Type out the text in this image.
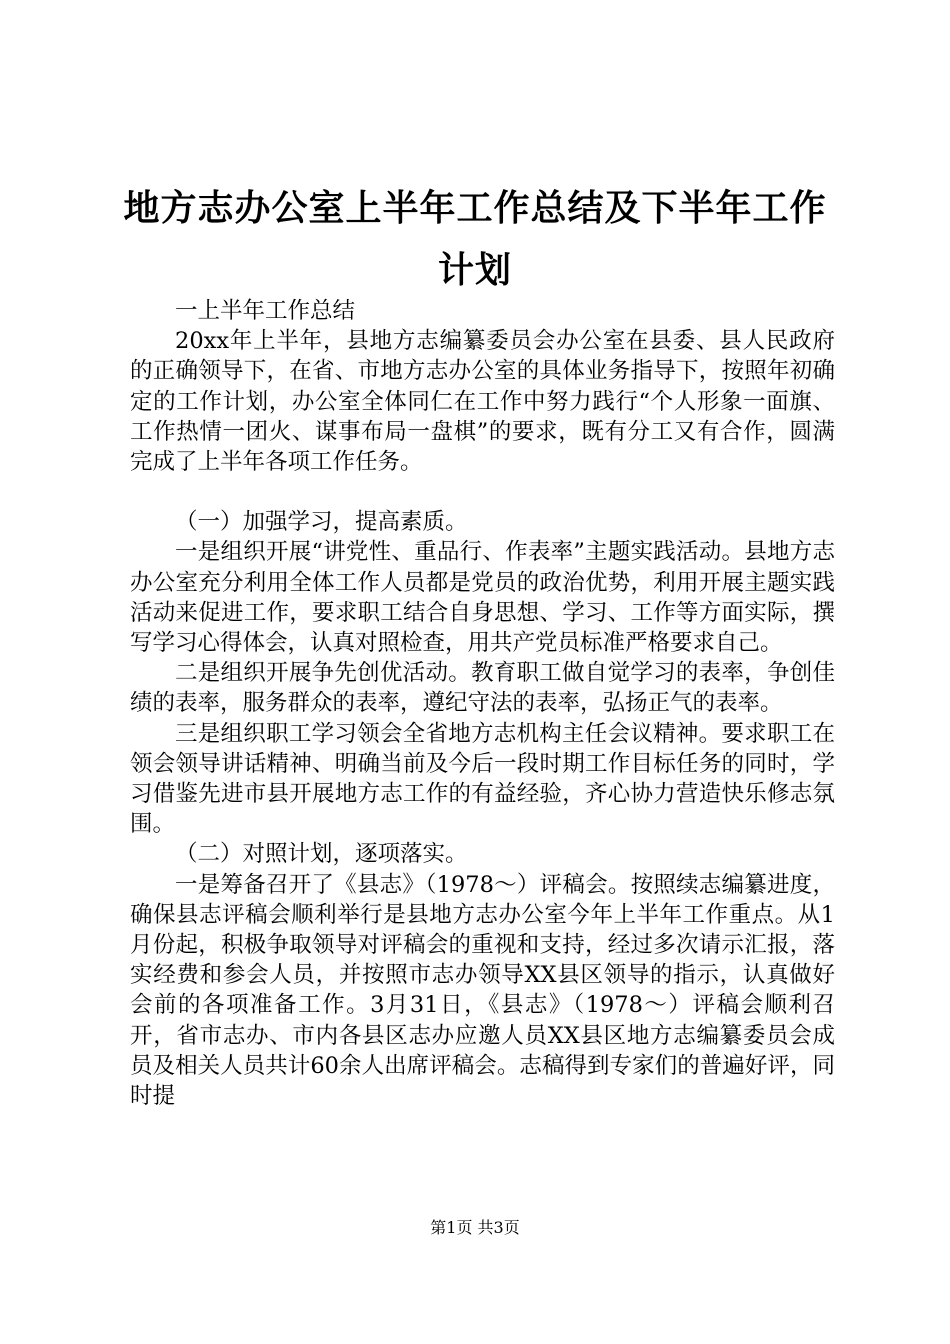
地方志办公室上半年工作总结及下半年工作计划

一上半年工作总结

20xx年上半年，县地方志编纂委员会办公室在县委、县人民政府的正确领导下，在省、市地方志办公室的具体业务指导下，按照年初确定的工作计划，办公室全体同仁在工作中努力践行“个人形象一面旗、工作热情一团火、谋事布局一盘棋”的要求，既有分工又有合作，圆满完成了上半年各项工作任务。

（一）加强学习，提高素质。

一是组织开展“讲党性、重品行、作表率”主题实践活动。县地方志办公室充分利用全体工作人员都是党员的政治优势，利用开展主题实践活动来促进工作，要求职工结合自身思想、学习、工作等方面实际，撰写学习心得体会，认真对照检查，用共产党员标准严格要求自己。

二是组织开展争先创优活动。教育职工做自觉学习的表率，争创佳绩的表率，服务群众的表率，遵纪守法的表率，弘扬正气的表率。

三是组织职工学习领会全省地方志机构主任会议精神。要求职工在领会领导讲话精神、明确当前及今后一段时期工作目标任务的同时，学习借鉴先进市县开展地方志工作的有益经验，齐心协力营造快乐修志氛围。

（二）对照计划，逐项落实。

一是筹备召开了《县志》（1978～）评稿会。按照续志编纂进度，确保县志评稿会顺利举行是县地方志办公室今年上半年工作重点。从1月份起，积极争取领导对评稿会的重视和支持，经过多次请示汇报，落实经费和参会人员，并按照市志办领导XX县区领导的指示，认真做好会前的各项准备工作。3月31日，《县志》（1978～）评稿会顺利召开，省市志办、市内各县区志办应邀人员XX县区地方志编纂委员会成员及相关人员共计60余人出席评稿会。志稿得到专家们的普遍好评，同时提

第1页 共3页
